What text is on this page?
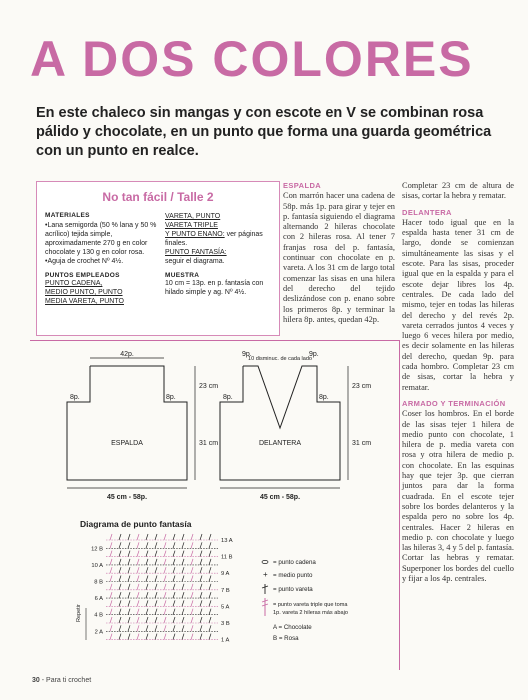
A DOS COLORES
En este chaleco sin mangas y con escote en V se combinan rosa pálido y chocolate, en un punto que forma una guarda geométrica con un punto en realce.
No tan fácil / Talle 2
MATERIALES
•Lana semigorda (50 % lana y 50 % acrílico) tejida simple, aproximadamente 270 g en color chocolate y 130 g en color rosa.
•Aguja de crochet Nº 4½.
PUNTOS EMPLEADOS
PUNTO CADENA,
MEDIO PUNTO, PUNTO
MEDIA VARETA, PUNTO
VARETA, PUNTO
VARETA TRIPLE
Y PUNTO ENANO: ver páginas finales.
PUNTO FANTASÍA:
seguir el diagrama.
MUESTRA
10 cm = 13p. en p. fantasía con hilado simple y ag. Nº 4½.
ESPALDA

Con marrón hacer una cadena de 58p. más 1p. para girar y tejer en p. fantasía siguiendo el diagrama alternando 2 hileras chocolate con 2 hileras rosa. Al tener 7 franjas rosa del p. fantasía, continuar con chocolate en p. vareta. A los 31 cm de largo total comenzar las sisas en una hilera del derecho del tejido deslizándose con p. enano sobre los primeros 8p. y terminar la hilera 8p. antes, quedan 42p.

Completar 23 cm de altura de sisas, cortar la hebra y rematar.

DELANTERA

Hacer todo igual que en la espalda hasta tener 31 cm de largo, donde se comienzan simultáneamente las sisas y el escote. Para las sisas, proceder igual que en la espalda y para el escote dejar libres los 4p. centrales. De cada lado del mismo, tejer en todas las hileras del derecho y del revés 2p. vareta cerrados juntos 4 veces y luego 6 veces hilera por medio, es decir solamente en las hileras del derecho, quedan 9p. para cada hombro. Completar 23 cm de sisas, cortar la hebra y rematar.

ARMADO Y TERMINACIÓN

Coser los hombros. En el borde de las sisas tejer 1 hilera de medio punto con chocolate, 1 hilera de p. media vareta con rosa y otra hilera de medio p. con chocolate. En las esquinas hay que tejer 3p. que cierran juntos para dar la forma cuadrada. En el escote tejer sobre los bordes delanteros y la espalda pero no sobre los 4p. centrales. Hacer 2 hileras en medio p. con chocolate y luego las hileras 3, 4 y 5 del p. fantasía. Cortar las hebras y rematar. Superponer los bordes del cuello y fijar a los 4p. centrales.

42p.
8p.	8p.
ESPALDA
23 cm
31 cm
45 cm - 58p.
9p.	9p.
10 disminuc. de cada lado
8p.	8p.
DELANTERA
23 cm
31 cm
45 cm - 58p.
Diagrama de punto fantasía
13 A
12 B
11 B
10 A
9 A
8 B
7 B
6 A
5 A
4 B
3 B
2 A
1 A
Repetir
= punto cadena
+ = medio punto
= punto vareta
= punto vareta triple que toma
1p. vareta 2 hileras más abajo
A = Chocolate
B = Rosa
30 - Para ti crochet
